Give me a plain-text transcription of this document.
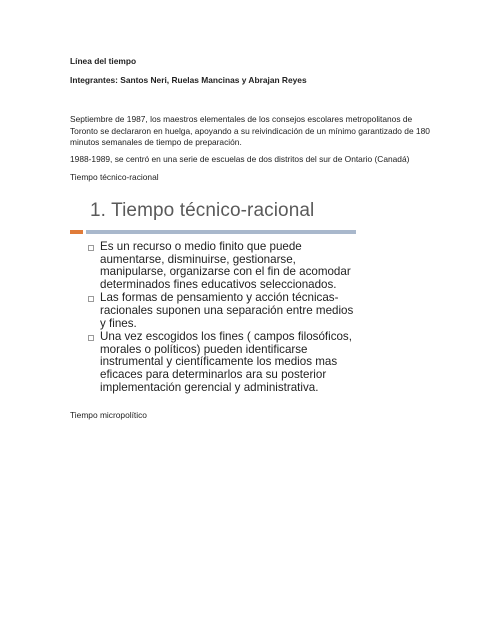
Línea del tiempo
Integrantes: Santos Neri, Ruelas Mancinas y Abrajan Reyes
Septiembre de 1987, los maestros elementales de los consejos escolares metropolitanos de
Toronto se declararon en huelga, apoyando a su reivindicación de un mínimo garantizado de 180
minutos semanales de tiempo de preparación.
1988-1989, se centró en una serie de escuelas de dos distritos del sur de Ontario (Canadá)
Tiempo técnico-racional
1. Tiempo técnico-racional
Es un recurso o medio finito que puede
aumentarse, disminuirse, gestionarse,
manipularse, organizarse con el fin de acomodar
determinados fines educativos seleccionados.
Las formas de pensamiento y acción técnicas-
racionales suponen una separación entre medios
y fines.
Una vez escogidos los fines ( campos filosóficos,
morales o políticos) pueden identificarse
instrumental y científicamente los medios mas
eficaces para determinarlos ara su posterior
implementación gerencial y administrativa.
Tiempo micropolítico
